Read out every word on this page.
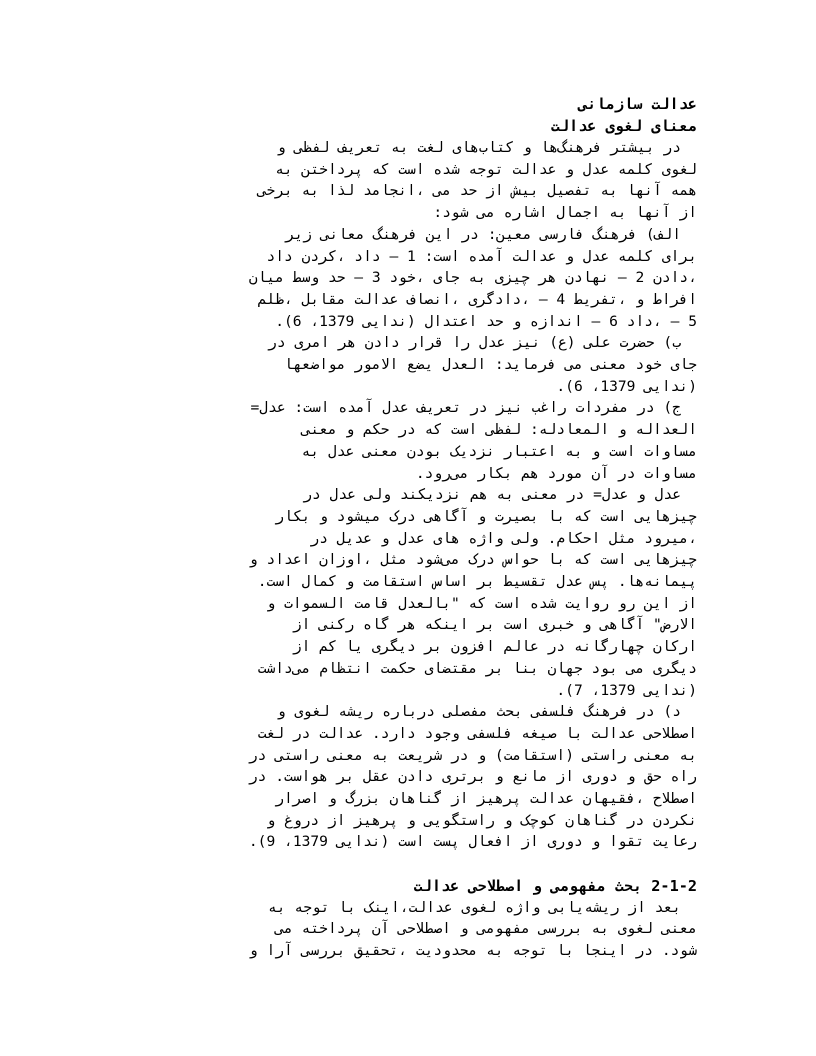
عدالت سازمانی
معنای لغوی عدالت
در بیشتر فرهنگ‌ها و کتاب‌های لغت به تعریف لفظی و
لغوی کلمه عدل و عدالت توجه شده است که پرداختن به
همه آنها به تفصیل بیش از حد می ،انجامد لذا به برخی
از آنها به اجمال اشاره می شود:
الف) فرهنگ فارسی معین: در این فرهنگ معانی زیر
برای کلمه عدل و عدالت آمده است: 1 – داد ،کردن داد
،دادن 2 – نهادن هر چیزی به جای ،خود 3 – حد وسط میان
افراط و ،تفریط 4 – ،دادگری ،انصاف عدالت مقابل ،ظلم
5 – ،داد 6 – اندازه و حد اعتدال (ندایی 1379، 6).
ب) حضرت علی (ع) نیز عدل را قرار دادن هر امری در
جای خود معنی می فرماید: العدل یضع الامور مواضعها
(ندایی 1379، 6).
ج) در مفردات راغب نیز در تعریف عدل آمده است: عدل=
العداله و المعادله: لفظی است که در حکم و معنی
مساوات است و به اعتبار نزدیک بودن معنی عدل به
مساوات در آن مورد هم بکار می‌رود.
عدل و عدل= در معنی به هم نزدیکند ولی عدل در
چیزهایی است که با بصیرت و آگاهی درک میشود و بکار
،میرود مثل احکام. ولی واژه های عدل و عدیل در
چیزهایی است که با حواس درک می‌شود مثل ،اوزان اعداد و
پیمانه‌ها. پس عدل تقسیط بر اساس استقامت و کمال است.
از این رو روایت شده است که "بالعدل قامت السموات و
الارض" آگاهی و خبری است بر اینکه هر گاه رکنی از
ارکان چهارگانه در عالم افزون بر دیگری یا کم از
دیگری می بود جهان بنا بر مقتضای حکمت انتظام می‌داشت
(ندایی 1379، 7).
د) در فرهنگ فلسفی بحث مفصلی درباره ریشه لغوی و
اصطلاحی عدالت با صیغه فلسفی وجود دارد. عدالت در لغت
به معنی راستی (استقامت) و در شریعت به معنی راستی در
راه حق و دوری از مانع و برتری دادن عقل بر هواست. در
اصطلاح ،فقیهان عدالت پرهیز از گناهان بزرگ و اصرار
نکردن در گناهان کوچک و راستگویی و پرهیز از دروغ و
رعایت تقوا و دوری از افعال پست است (ندایی 1379، 9).
2-1-2 بحث مفهومی و اصطلاحی عدالت
بعد از ریشه‌یابی واژه لغوی عدالت،اینک با توجه به
معنی لغوی به بررسی مفهومی و اصطلاحی آن پرداخته می
شود. در اینجا با توجه به محدودیت ،تحقیق بررسی آرا و
